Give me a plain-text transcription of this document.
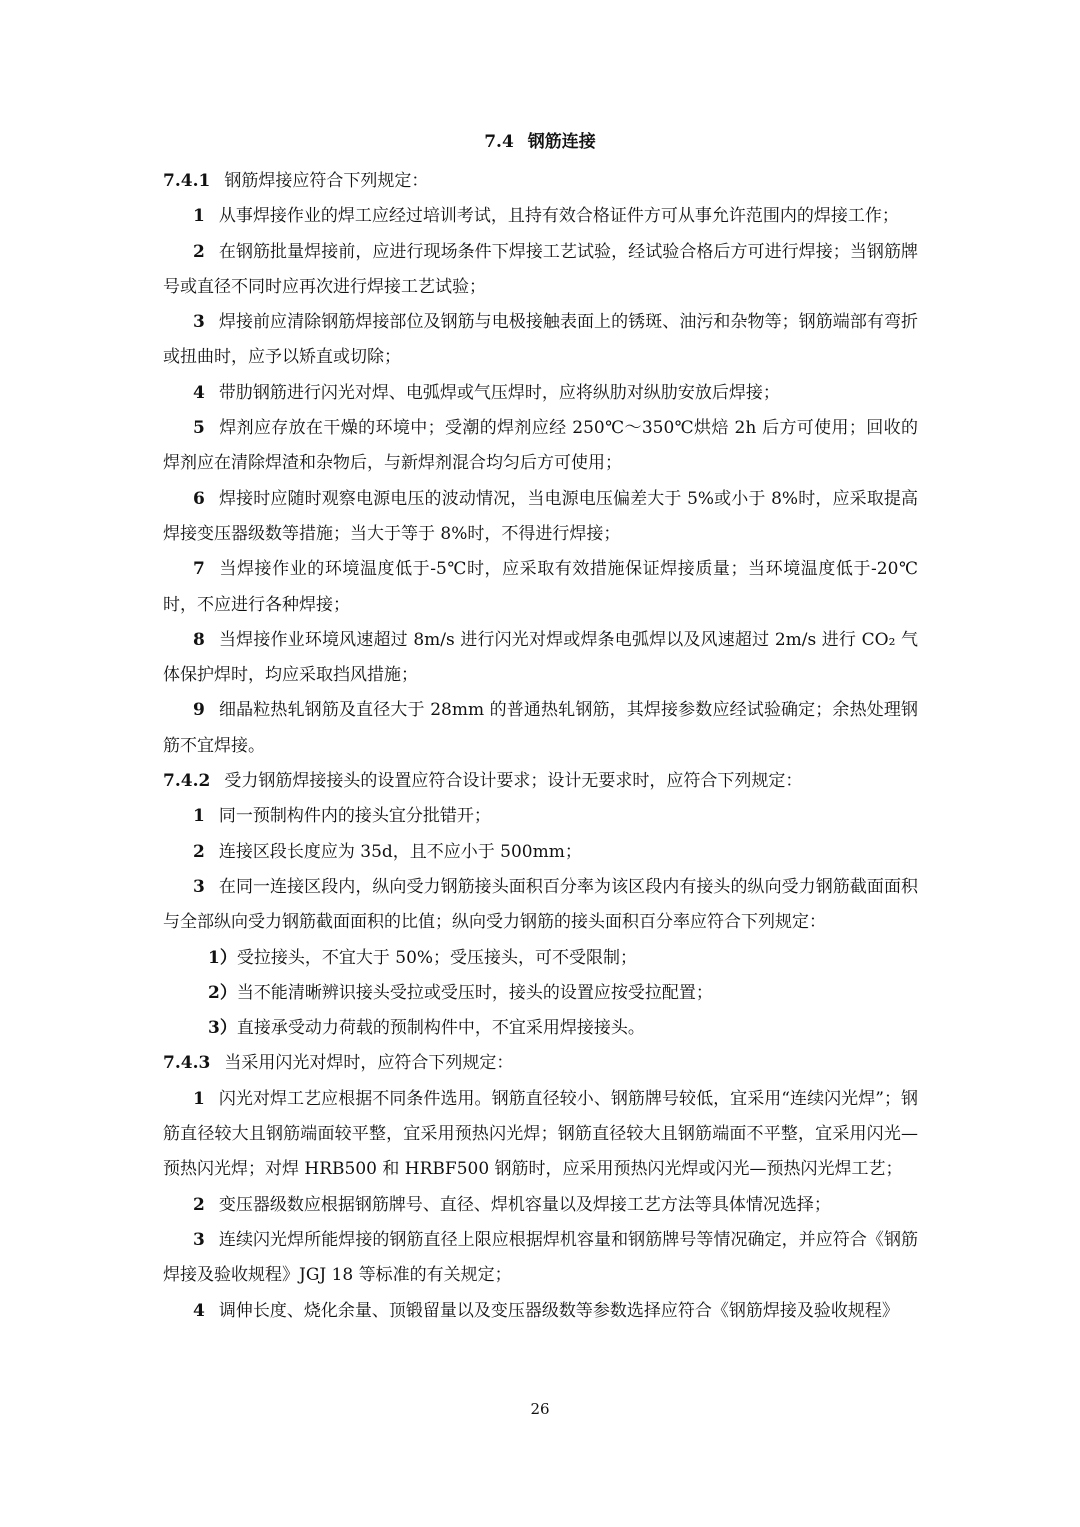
7.4 钢筋连接
7.4.1 钢筋焊接应符合下列规定：
1 从事焊接作业的焊工应经过培训考试，且持有效合格证件方可从事允许范围内的焊接工作；
2 在钢筋批量焊接前，应进行现场条件下焊接工艺试验，经试验合格后方可进行焊接；当钢筋牌号或直径不同时应再次进行焊接工艺试验；
3 焊接前应清除钢筋焊接部位及钢筋与电极接触表面上的锈斑、油污和杂物等；钢筋端部有弯折或扭曲时，应予以矫直或切除；
4 带肋钢筋进行闪光对焊、电弧焊或气压焊时，应将纵肋对纵肋安放后焊接；
5 焊剂应存放在干燥的环境中；受潮的焊剂应经 250℃～350℃烘焙 2h 后方可使用；回收的焊剂应在清除焊渣和杂物后，与新焊剂混合均匀后方可使用；
6 焊接时应随时观察电源电压的波动情况，当电源电压偏差大于 5%或小于 8%时，应采取提高焊接变压器级数等措施；当大于等于 8%时，不得进行焊接；
7 当焊接作业的环境温度低于-5℃时，应采取有效措施保证焊接质量；当环境温度低于-20℃时，不应进行各种焊接；
8 当焊接作业环境风速超过 8m/s 进行闪光对焊或焊条电弧焊以及风速超过 2m/s 进行 CO₂ 气体保护焊时，均应采取挡风措施；
9 细晶粒热轧钢筋及直径大于 28mm 的普通热轧钢筋，其焊接参数应经试验确定；余热处理钢筋不宜焊接。
7.4.2 受力钢筋焊接接头的设置应符合设计要求；设计无要求时，应符合下列规定：
1 同一预制构件内的接头宜分批错开；
2 连接区段长度应为 35d，且不应小于 500mm；
3 在同一连接区段内，纵向受力钢筋接头面积百分率为该区段内有接头的纵向受力钢筋截面面积与全部纵向受力钢筋截面面积的比值；纵向受力钢筋的接头面积百分率应符合下列规定：
1）受拉接头，不宜大于 50%；受压接头，可不受限制；
2）当不能清晰辨识接头受拉或受压时，接头的设置应按受拉配置；
3）直接承受动力荷载的预制构件中，不宜采用焊接接头。
7.4.3 当采用闪光对焊时，应符合下列规定：
1 闪光对焊工艺应根据不同条件选用。钢筋直径较小、钢筋牌号较低，宜采用“连续闪光焊”；钢筋直径较大且钢筋端面较平整，宜采用预热闪光焊；钢筋直径较大且钢筋端面不平整，宜采用闪光—预热闪光焊；对焊 HRB500 和 HRBF500 钢筋时，应采用预热闪光焊或闪光—预热闪光焊工艺；
2 变压器级数应根据钢筋牌号、直径、焊机容量以及焊接工艺方法等具体情况选择；
3 连续闪光焊所能焊接的钢筋直径上限应根据焊机容量和钢筋牌号等情况确定，并应符合《钢筋焊接及验收规程》JGJ 18 等标准的有关规定；
4 调伸长度、烧化余量、顶锻留量以及变压器级数等参数选择应符合《钢筋焊接及验收规程》
26
